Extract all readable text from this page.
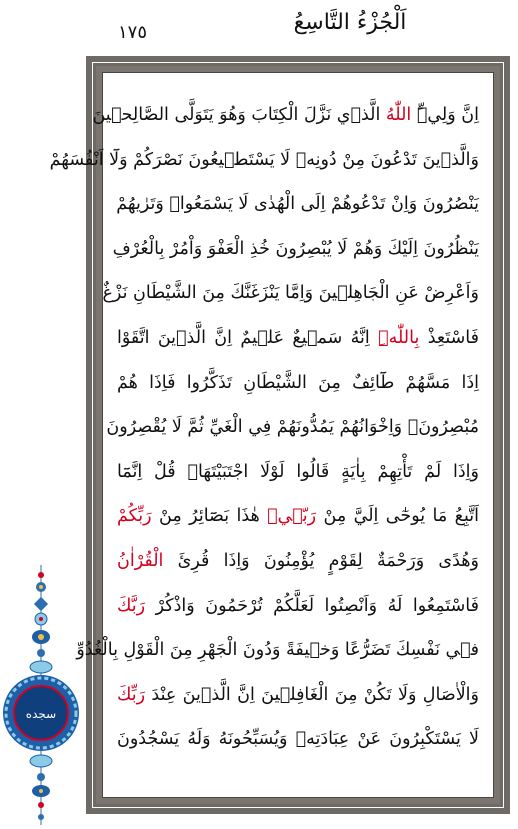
١٧٥	اَلْجُزْءُ التَّاسِعُ
اِنَّ وَلِيِّۧ اللّٰهُ الَّذ۪ي نَزَّلَ الْكِتَابَ وَهُوَ يَتَوَلَّى الصَّالِح۪ينَ
وَالَّذ۪ينَ تَدْعُونَ مِنْ دُونِه۪ لَا يَسْتَط۪يعُونَ نَصْرَكُمْ وَلَٓا اَنْفُسَهُمْ
يَنْصُرُونَ وَاِنْ تَدْعُوهُمْ اِلَى الْهُدٰى لَا يَسْمَعُواۜ وَتَرٰيهُمْ
يَنْظُرُونَ اِلَيْكَ وَهُمْ لَا يُبْصِرُونَ خُذِ الْعَفْوَ وَاْمُرْ بِالْعُرْفِ
وَاَعْرِضْ عَنِ الْجَاهِل۪ينَ وَاِمَّا يَنْزَغَنَّكَ مِنَ الشَّيْطَانِ نَزْغٌ
فَاسْتَعِذْ بِاللّٰهِۜ اِنَّهُ سَم۪يعٌ عَل۪يمٌ اِنَّ الَّذ۪ينَ اتَّقَوْا
اِذَا مَسَّهُمْ طَٓائِفٌ مِنَ الشَّيْطَانِ تَذَكَّرُوا فَاِذَا هُمْ
مُبْصِرُونَۚ وَاِخْوَانُهُمْ يَمُدُّونَهُمْ فِي الْغَيِّ ثُمَّ لَا يُقْصِرُونَ
وَاِذَا لَمْ تَأْتِهِمْ بِاٰيَةٍ قَالُوا لَوْلَا اجْتَبَيْتَهَاۜ قُلْ اِنَّمَٓا
اَتَّبِعُ مَا يُوحٰٓى اِلَيَّ مِنْ رَبّ۪يۚ هٰذَا بَصَٓائِرُ مِنْ رَبِّكُمْ
وَهُدًى وَرَحْمَةٌ لِقَوْمٍ يُؤْمِنُونَ وَاِذَا قُرِئَ الْقُرْاٰنُ
فَاسْتَمِعُوا لَهُ وَاَنْصِتُوا لَعَلَّكُمْ تُرْحَمُونَ وَاذْكُرْ رَبَّكَ
ف۪ي نَفْسِكَ تَضَرُّعًا وَخ۪يفَةً وَدُونَ الْجَهْرِ مِنَ الْقَوْلِ بِالْغُدُوِّ
وَالْاٰصَالِ وَلَا تَكُنْ مِنَ الْغَافِل۪ينَ اِنَّ الَّذ۪ينَ عِنْدَ رَبِّكَ
لَا يَسْتَكْبِرُونَ عَنْ عِبَادَتِه۪ وَيُسَبِّحُونَهُ وَلَهُ يَسْجُدُونَ
سجده
